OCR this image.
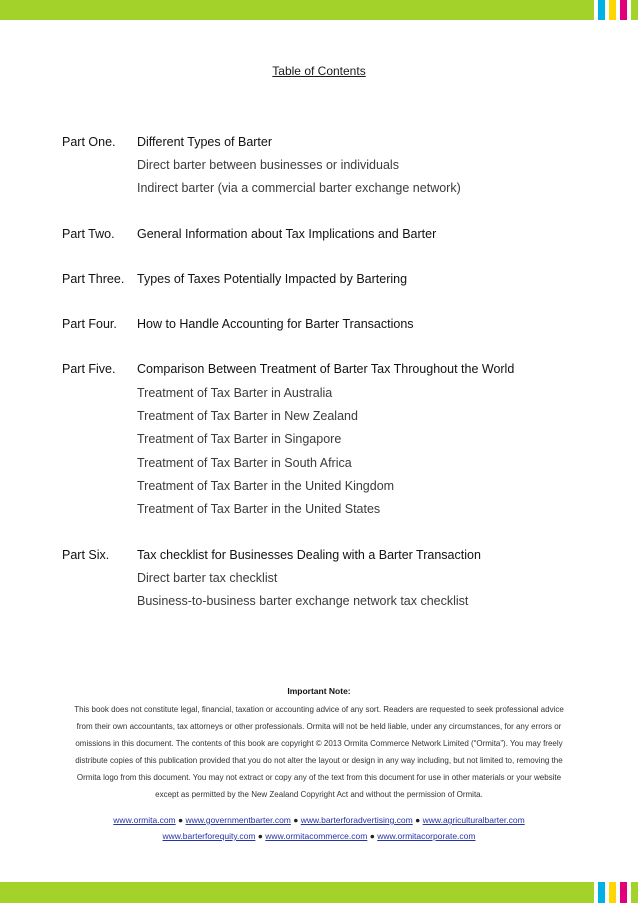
Table of Contents
Part One.	Different Types of Barter
Direct barter between businesses or individuals
Indirect barter (via a commercial barter exchange network)
Part Two.	General Information about Tax Implications and Barter
Part Three.	Types of Taxes Potentially Impacted by Bartering
Part Four.	How to Handle Accounting for Barter Transactions
Part Five.	Comparison Between Treatment of Barter Tax Throughout the World
Treatment of Tax Barter in Australia
Treatment of Tax Barter in New Zealand
Treatment of Tax Barter in Singapore
Treatment of Tax Barter in South Africa
Treatment of Tax Barter in the United Kingdom
Treatment of Tax Barter in the United States
Part Six.	Tax checklist for Businesses Dealing with a Barter Transaction
Direct barter tax checklist
Business-to-business barter exchange network tax checklist
Important Note:
This book does not constitute legal, financial, taxation or accounting advice of any sort. Readers are requested to seek professional advice
from their own accountants, tax attorneys or other professionals. Ormita will not be held liable, under any circumstances, for any errors or
omissions in this document. The contents of this book are copyright © 2013 Ormita Commerce Network Limited (“Ormita”). You may freely
distribute copies of this publication provided that you do not alter the layout or design in any way including, but not limited to, removing the
Ormita logo from this document. You may not extract or copy any of the text from this document for use in other materials or your website
except as permitted by the New Zealand Copyright Act and without the permission of Ormita.
www.ormita.com ● www.governmentbarter.com ● www.barterforadvertising.com ● www.agriculturalbarter.com
www.barterforequity.com ● www.ormitacommerce.com ● www.ormitacorporate.com
